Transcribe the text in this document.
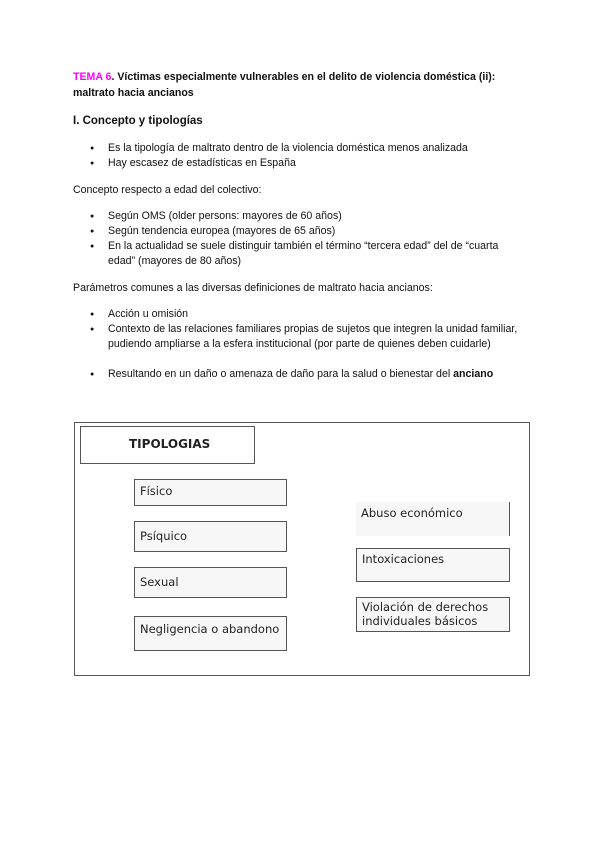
TEMA 6. Víctimas especialmente vulnerables en el delito de violencia doméstica (ii):
maltrato hacia ancianos
I. Concepto y tipologías
● Es la tipología de maltrato dentro de la violencia doméstica menos analizada
● Hay escasez de estadísticas en España
Concepto respecto a edad del colectivo:
● Según OMS (older persons: mayores de 60 años)
● Según tendencia europea (mayores de 65 años)
● En la actualidad se suele distinguir también el término “tercera edad” del de “cuarta edad” (mayores de 80 años)
Parámetros comunes a las diversas definiciones de maltrato hacia ancianos:
● Acción u omisión
● Contexto de las relaciones familiares propias de sujetos que integren la unidad familiar, pudiendo ampliarse a la esfera institucional (por parte de quienes deben cuidarle)
● Resultando en un daño o amenaza de daño para la salud o bienestar del anciano
TIPOLOGIAS
Físico
Psíquico
Sexual
Negligencia o abandono
Abuso económico
Intoxicaciones
Violación de derechos individuales básicos
